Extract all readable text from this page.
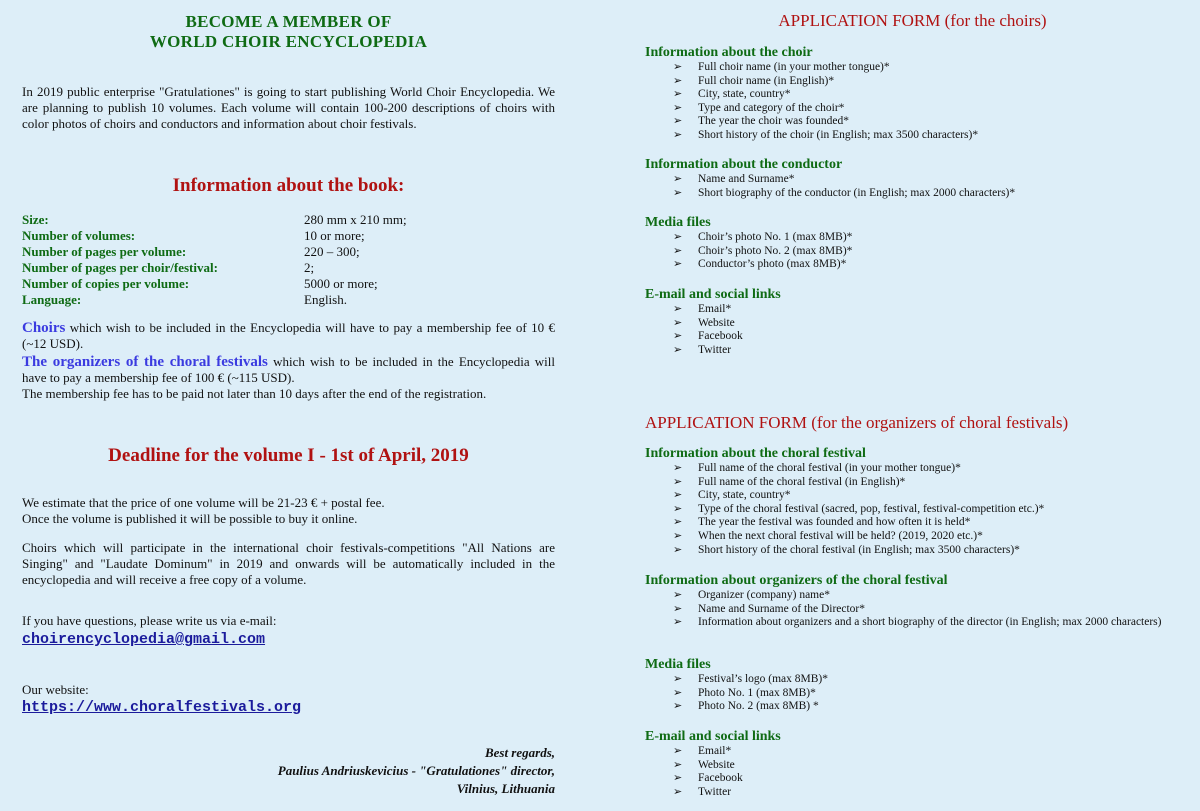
BECOME A MEMBER OF
WORLD CHOIR ENCYCLOPEDIA

In 2019 public enterprise "Gratulationes" is going to start publishing World Choir Encyclopedia. We are planning to publish 10 volumes. Each volume will contain 100-200 descriptions of choirs with color photos of choirs and conductors and information about choir festivals.

Information about the book:
Size:	280 mm x 210 mm;
Number of volumes:	10 or more;
Number of pages per volume:	220 – 300;
Number of pages per choir/festival:	2;
Number of copies per volume:	5000 or more;
Language:	English.

Choirs which wish to be included in the Encyclopedia will have to pay a membership fee of 10 € (~12 USD).

The organizers of the choral festivals which wish to be included in the Encyclopedia will have to pay a membership fee of 100 € (~115 USD).

The membership fee has to be paid not later than 10 days after the end of the registration.

Deadline for the volume I - 1st of April, 2019
We estimate that the price of one volume will be 21-23 € + postal fee.
Once the volume is published it will be possible to buy it online.

Choirs which will participate in the international choir festivals-competitions "All Nations are Singing" and "Laudate Dominum" in 2019 and onwards will be automatically included in the encyclopedia and will receive a free copy of a volume.

If you have questions, please write us via e-mail:
choirencyclopedia@gmail.com
Our website:
https://www.choralfestivals.org
Best regards,
Paulius Andriuskevicius - "Gratulationes" director,
Vilnius, Lithuania
APPLICATION FORM (for the choirs)
Information about the choir
➢ Full choir name (in your mother tongue)*
➢ Full choir name (in English)*
➢ City, state, country*
➢ Type and category of the choir*
➢ The year the choir was founded*
➢ Short history of the choir (in English; max 3500 characters)*
Information about the conductor
➢ Name and Surname*
➢ Short biography of the conductor (in English; max 2000 characters)*
Media files
➢ Choir’s photo No. 1 (max 8MB)*
➢ Choir’s photo No. 2 (max 8MB)*
➢ Conductor’s photo (max 8MB)*
E-mail and social links
➢ Email*
➢ Website
➢ Facebook
➢ Twitter
APPLICATION FORM (for the organizers of choral festivals)
Information about the choral festival
➢ Full name of the choral festival (in your mother tongue)*
➢ Full name of the choral festival (in English)*
➢ City, state, country*
➢ Type of the choral festival (sacred, pop, festival, festival-competition etc.)*
➢ The year the festival was founded and how often it is held*
➢ When the next choral festival will be held? (2019, 2020 etc.)*
➢ Short history of the choral festival (in English; max 3500 characters)*
Information about organizers of the choral festival
➢ Organizer (company) name*
➢ Name and Surname of the Director*
➢ Information about organizers and a short biography of the director (in English; max 2000 characters)
Media files
➢ Festival’s logo (max 8MB)*
➢ Photo No. 1 (max 8MB)*
➢ Photo No. 2 (max 8MB) *
E-mail and social links
➢ Email*
➢ Website
➢ Facebook
➢ Twitter
